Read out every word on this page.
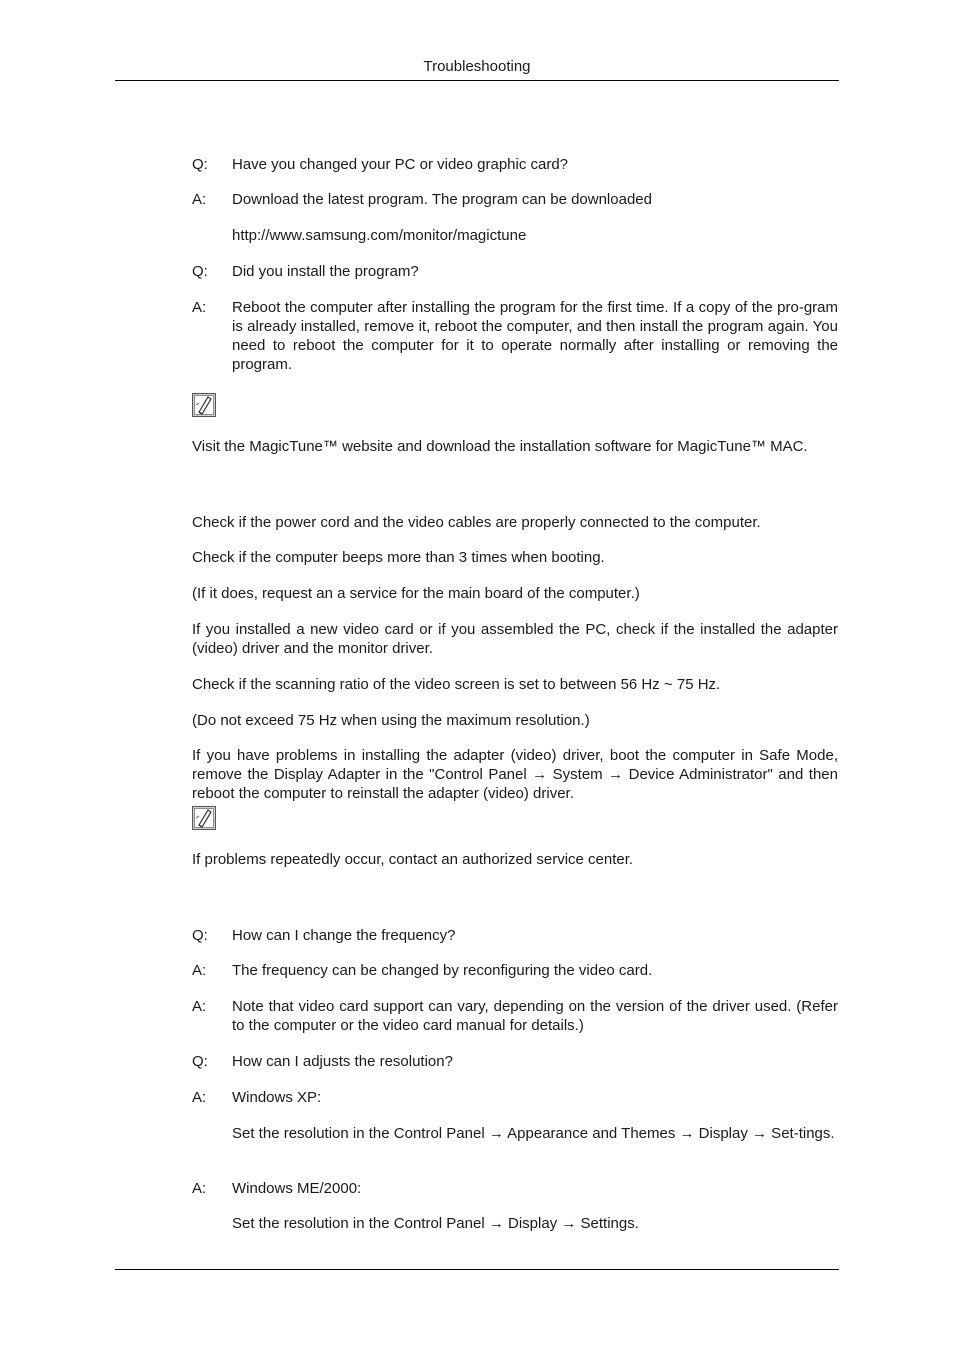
Troubleshooting
Q: Have you changed your PC or video graphic card?
A: Download the latest program. The program can be downloaded
http://www.samsung.com/monitor/magictune
Q: Did you install the program?
A: Reboot the computer after installing the program for the first time. If a copy of the pro-gram is already installed, remove it, reboot the computer, and then install the program again. You need to reboot the computer for it to operate normally after installing or removing the program.
Visit the MagicTune™ website and download the installation software for MagicTune™ MAC.
Check if the power cord and the video cables are properly connected to the computer.
Check if the computer beeps more than 3 times when booting.
(If it does, request an a service for the main board of the computer.)
If you installed a new video card or if you assembled the PC, check if the installed the adapter (video) driver and the monitor driver.
Check if the scanning ratio of the video screen is set to between 56 Hz ~ 75 Hz.
(Do not exceed 75 Hz when using the maximum resolution.)
If you have problems in installing the adapter (video) driver, boot the computer in Safe Mode, remove the Display Adapter in the "Control Panel → System → Device Administrator" and then reboot the computer to reinstall the adapter (video) driver.
If problems repeatedly occur, contact an authorized service center.
Q: How can I change the frequency?
A: The frequency can be changed by reconfiguring the video card.
A: Note that video card support can vary, depending on the version of the driver used. (Refer to the computer or the video card manual for details.)
Q: How can I adjusts the resolution?
A: Windows XP:
Set the resolution in the Control Panel → Appearance and Themes → Display → Set-tings.
A: Windows ME/2000:
Set the resolution in the Control Panel → Display → Settings.
